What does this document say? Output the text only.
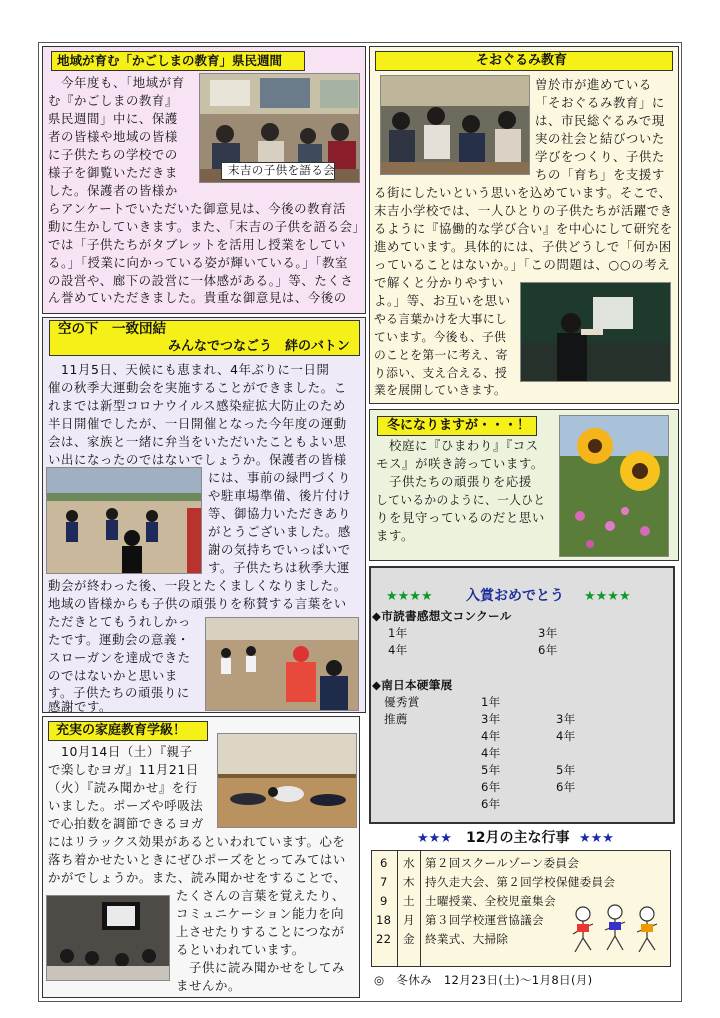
地域が育む「かごしまの教育」県民週間
末吉の子供を語る会
　今年度も、「地域が育
む『かごしまの教育』
県民週間」中に、保護
者の皆様や地域の皆様
に子供たちの学校での
様子を御覧いただきま
した。保護者の皆様か
らアンケートでいただいた御意見は、今後の教育活
動に生かしていきます。また、「末吉の子供を語る会」
では「子供たちがタブレットを活用し授業をしてい
る。」「授業に向かっている姿が輝いている。」「教室
の設営や、廊下の設営に一体感がある。」等、たくさ
ん誉めていただきました。貴重な御意見は、今後の
そおぐるみ教育
曽於市が進めている
「そおぐるみ教育」に
は、市民総ぐるみで現
実の社会と結びついた
学びをつくり、子供た
ちの「育ち」を支援す
る街にしたいという思いを込めています。そこで、
末吉小学校では、一人ひとりの子供たちが活躍でき
るように『協働的な学び合い』を中心にして研究を
進めています。具体的には、子供どうしで「何か困
っていることはないか。」「この問題は、○○の考え
で解くと分かりやすい
よ。」等、お互いを思い
やる言葉かけを大事にし
ています。今後も、子供
のことを第一に考え、寄
り添い、支え合える、授
業を展開していきます。
空の下　一致団結
みんなでつなごう　絆のバトン
　11月5日、天候にも恵まれ、4年ぶりに一日開
催の秋季大運動会を実施することができました。こ
れまでは新型コロナウイルス感染症拡大防止のため
半日開催でしたが、一日開催となった今年度の運動
会は、家族と一緒に弁当をいただいたこともよい思
い出になったのではないでしょうか。保護者の皆様
には、事前の緑門づくり
や駐車場準備、後片付け
等、御協力いただきあり
がとうございました。感
謝の気持ちでいっぱいで
す。子供たちは秋季大運
動会が終わった後、一段とたくましくなりました。
地域の皆様からも子供の頑張りを称賛する言葉をい
ただきとてもうれしかっ
たです。運動会の意義・
スローガンを達成できた
のではないかと思いま
す。子供たちの頑張りに
感謝です。
冬になりますが・・・！
　校庭に『ひまわり』『コス
モス』が咲き誇っています。
　子供たちの頑張りを応援
しているかのように、一人ひと
りを見守っているのだと思い
ます。
充実の家庭教育学級！
　10月14日（土）『親子
で楽しむヨガ』11月21日
（火）『読み聞かせ』を行
いました。ポーズや呼吸法
で心拍数を調節できるヨガ
にはリラックス効果があるといわれています。心を
落ち着かせたいときにぜひポーズをとってみてはい
かがでしょうか。また、読み聞かせをすることで、
たくさんの言葉を覚えたり、
コミュニケーション能力を向
上させたりすることにつなが
るといわれています。
　子供に読み聞かせをしてみ
ませんか。
★★★★ 入賞おめでとう ★★★★
◆市読書感想文コンクール
1年	3年
4年	6年
◆南日本硬筆展
優秀賞
推薦
1年
3年
4年
4年
5年
6年
6年
3年
4年
5年
6年
★★★ 12月の主な行事 ★★★
6 水 第２回スクールゾーン委員会
7 木 持久走大会、第２回学校保健委員会
9 土 土曜授業、全校児童集会
18 月 第３回学校運営協議会
22 金 終業式、大掃除
◎　冬休み　12月23日(土)～1月8日(月)
